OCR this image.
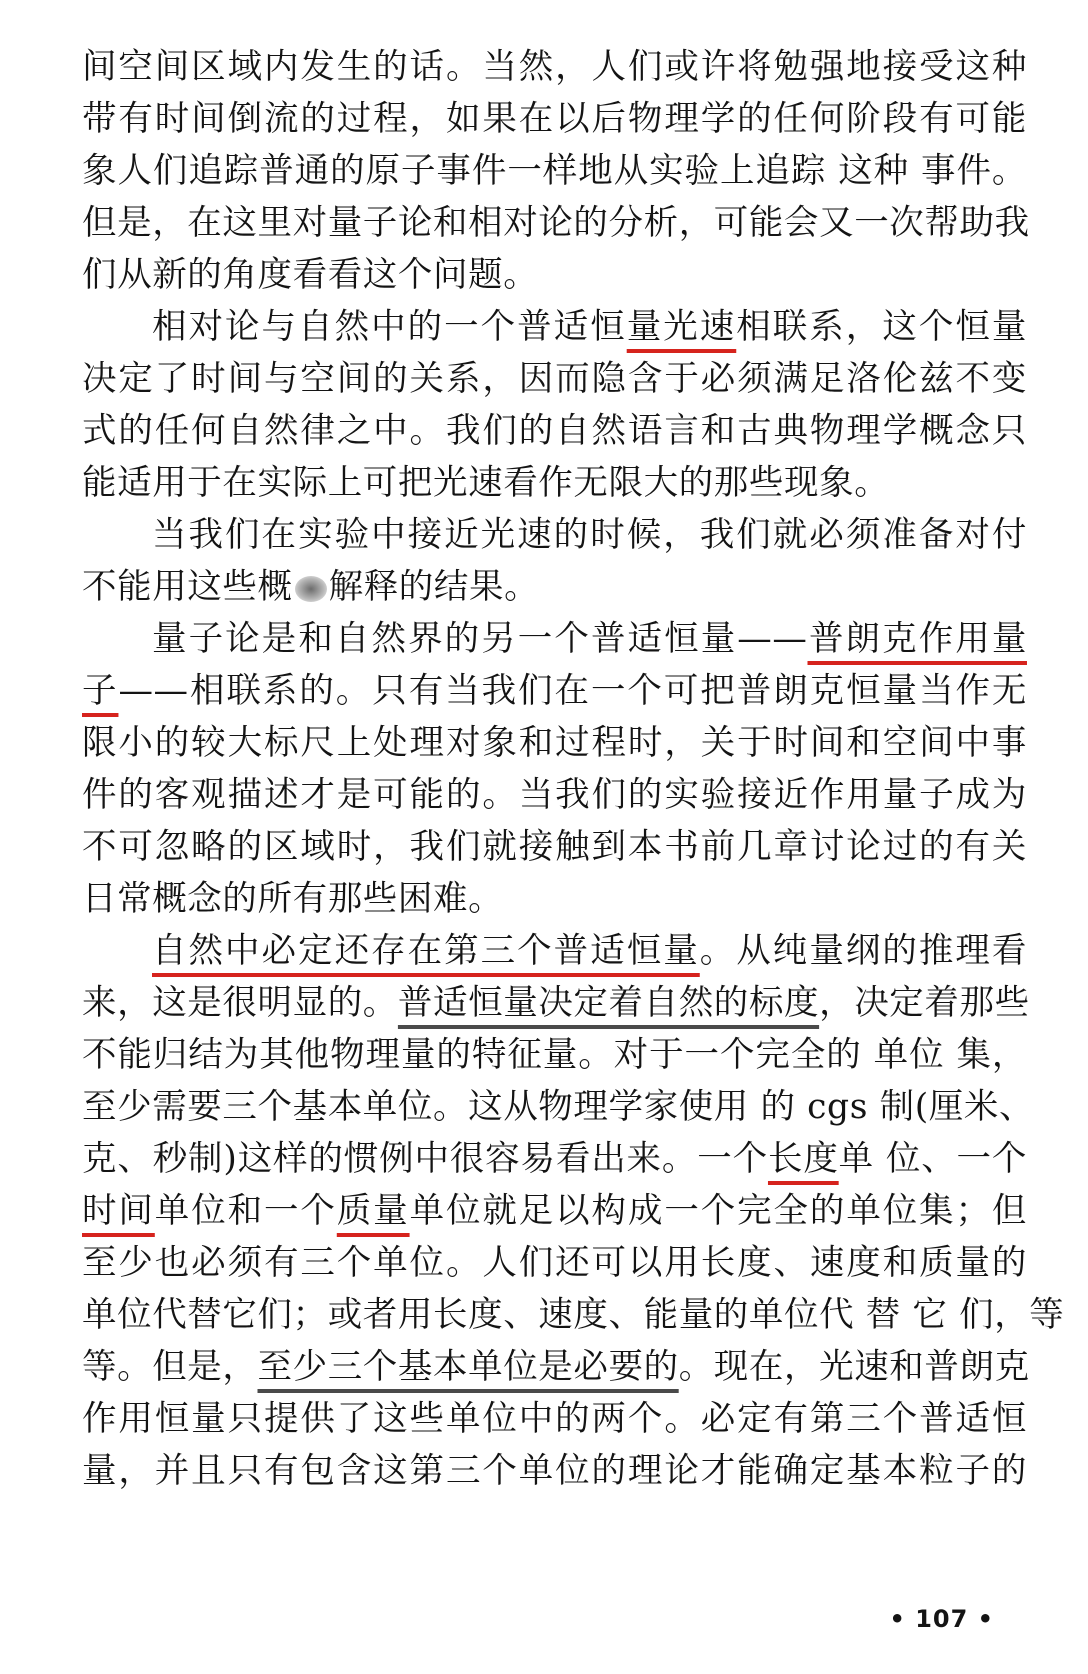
间空间区域内发生的话。当然，人们或许将勉强地接受这种
带有时间倒流的过程，如果在以后物理学的任何阶段有可能
象人们追踪普通的原子事件一样地从实验上追踪 这种 事件。
但是，在这里对量子论和相对论的分析，可能会又一次帮助我
们从新的角度看看这个问题。
相对论与自然中的一个普适恒量光速相联系，这个恒量
决定了时间与空间的关系，因而隐含于必须满足洛伦兹不变
式的任何自然律之中。我们的自然语言和古典物理学概念只
能适用于在实际上可把光速看作无限大的那些现象。
当我们在实验中接近光速的时候，我们就必须准备对付
不能用这些概 解释的结果。
量子论是和自然界的另一个普适恒量——普朗克作用量
子——相联系的。只有当我们在一个可把普朗克恒量当作无
限小的较大标尺上处理对象和过程时，关于时间和空间中事
件的客观描述才是可能的。当我们的实验接近作用量子成为
不可忽略的区域时，我们就接触到本书前几章讨论过的有关
日常概念的所有那些困难。
自然中必定还存在第三个普适恒量。从纯量纲的推理看
来，这是很明显的。普适恒量决定着自然的标度，决定着那些
不能归结为其他物理量的特征量。对于一个完全的 单位 集，
至少需要三个基本单位。这从物理学家使用 的 cgs 制(厘米、
克、秒制)这样的惯例中很容易看出来。一个长度单 位、一个
时间单位和一个质量单位就足以构成一个完全的单位集；但
至少也必须有三个单位。人们还可以用长度、速度和质量的
单位代替它们；或者用长度、速度、能量的单位代 替 它 们，等
等。但是，至少三个基本单位是必要的。现在，光速和普朗克
作用恒量只提供了这些单位中的两个。必定有第三个普适恒
量，并且只有包含这第三个单位的理论才能确定基本粒子的
• 107 •
